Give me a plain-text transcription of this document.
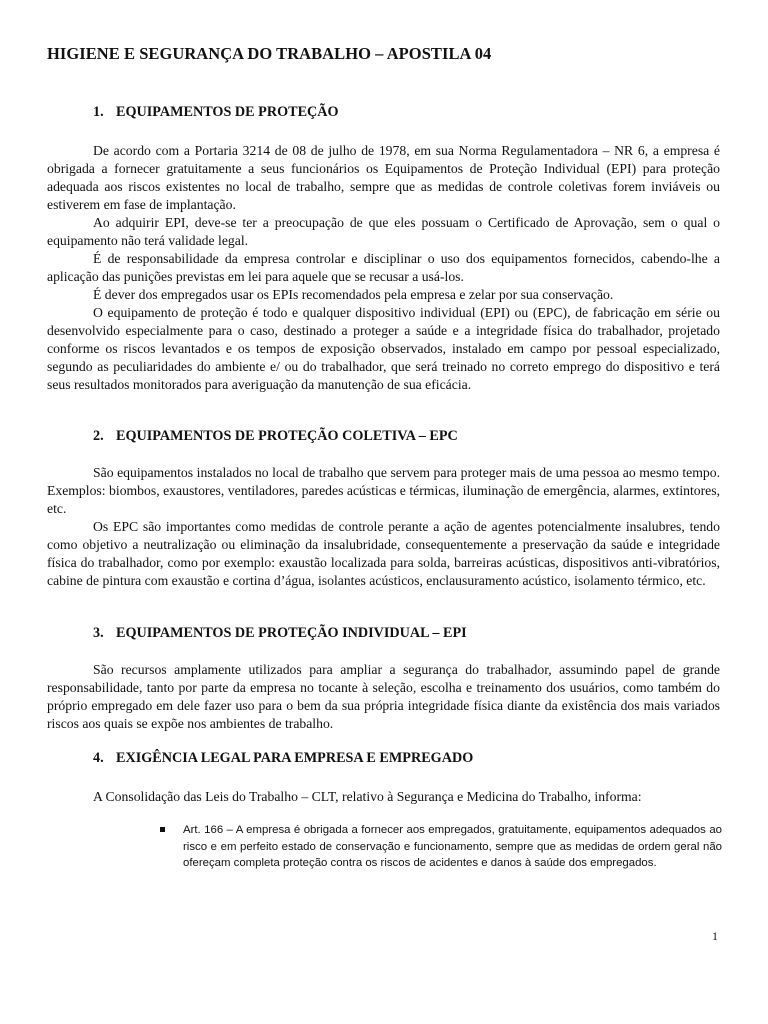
HIGIENE E SEGURANÇA DO TRABALHO – APOSTILA 04
1. EQUIPAMENTOS DE PROTEÇÃO
De acordo com a Portaria 3214 de 08 de julho de 1978, em sua Norma Regulamentadora – NR 6, a empresa é obrigada a fornecer gratuitamente a seus funcionários os Equipamentos de Proteção Individual (EPI) para proteção adequada aos riscos existentes no local de trabalho, sempre que as medidas de controle coletivas forem inviáveis ou estiverem em fase de implantação.
Ao adquirir EPI, deve-se ter a preocupação de que eles possuam o Certificado de Aprovação, sem o qual o equipamento não terá validade legal.
É de responsabilidade da empresa controlar e disciplinar o uso dos equipamentos fornecidos, cabendo-lhe a aplicação das punições previstas em lei para aquele que se recusar a usá-los.
É dever dos empregados usar os EPIs recomendados pela empresa e zelar por sua conservação.
O equipamento de proteção é todo e qualquer dispositivo individual (EPI) ou (EPC), de fabricação em série ou desenvolvido especialmente para o caso, destinado a proteger a saúde e a integridade física do trabalhador, projetado conforme os riscos levantados e os tempos de exposição observados, instalado em campo por pessoal especializado, segundo as peculiaridades do ambiente e/ ou do trabalhador, que será treinado no correto emprego do dispositivo e terá seus resultados monitorados para averiguação da manutenção de sua eficácia.
2. EQUIPAMENTOS DE PROTEÇÃO COLETIVA – EPC
São equipamentos instalados no local de trabalho que servem para proteger mais de uma pessoa ao mesmo tempo. Exemplos: biombos, exaustores, ventiladores, paredes acústicas e térmicas, iluminação de emergência, alarmes, extintores, etc.
Os EPC são importantes como medidas de controle perante a ação de agentes potencialmente insalubres, tendo como objetivo a neutralização ou eliminação da insalubridade, consequentemente a preservação da saúde e integridade física do trabalhador, como por exemplo: exaustão localizada para solda, barreiras acústicas, dispositivos anti-vibratórios, cabine de pintura com exaustão e cortina d’água, isolantes acústicos, enclausuramento acústico, isolamento térmico, etc.
3. EQUIPAMENTOS DE PROTEÇÃO INDIVIDUAL – EPI
São recursos amplamente utilizados para ampliar a segurança do trabalhador, assumindo papel de grande responsabilidade, tanto por parte da empresa no tocante à seleção, escolha e treinamento dos usuários, como também do próprio empregado em dele fazer uso para o bem da sua própria integridade física diante da existência dos mais variados riscos aos quais se expõe nos ambientes de trabalho.
4. EXIGÊNCIA LEGAL PARA EMPRESA E EMPREGADO
A Consolidação das Leis do Trabalho – CLT, relativo à Segurança e Medicina do Trabalho, informa:
Art. 166 – A empresa é obrigada a fornecer aos empregados, gratuitamente, equipamentos adequados ao risco e em perfeito estado de conservação e funcionamento, sempre que as medidas de ordem geral não ofereçam completa proteção contra os riscos de acidentes e danos à saúde dos empregados.
1
